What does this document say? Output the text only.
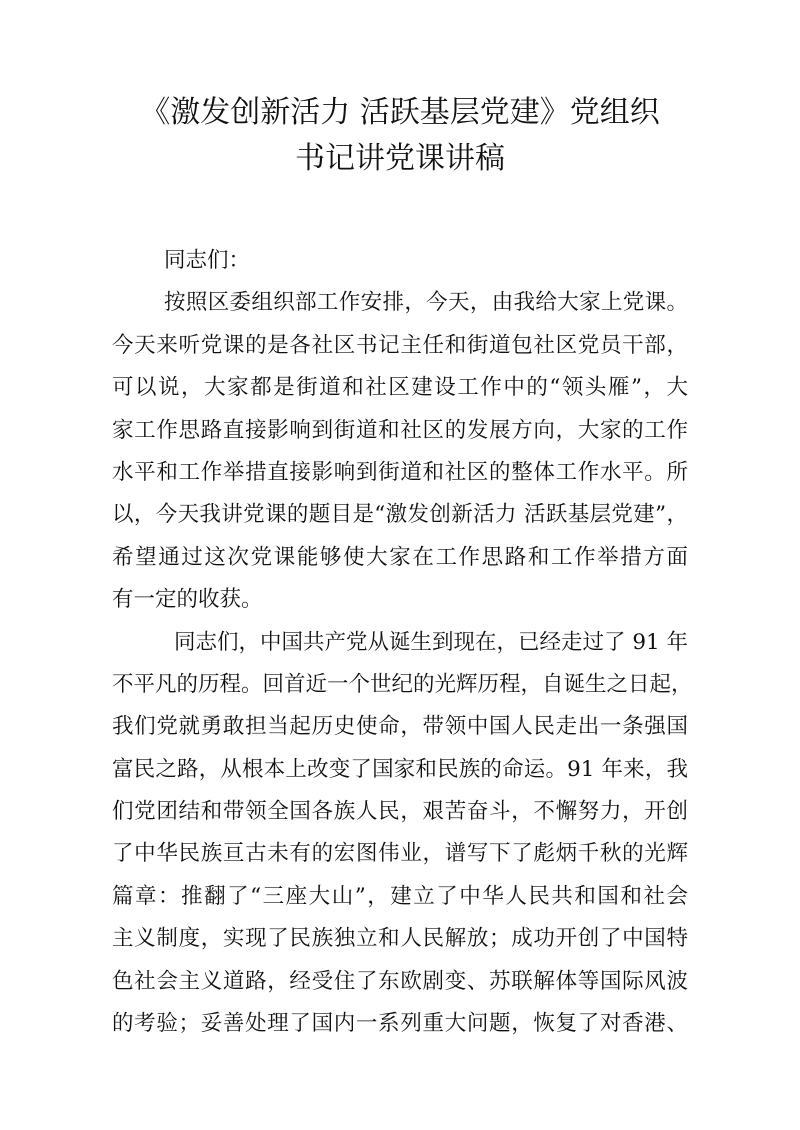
《激发创新活力 活跃基层党建》党组织
书记讲党课讲稿
同志们：
按照区委组织部工作安排，今天，由我给大家上党课。
今天来听党课的是各社区书记主任和街道包社区党员干部，
可以说，大家都是街道和社区建设工作中的“领头雁”，大
家工作思路直接影响到街道和社区的发展方向，大家的工作
水平和工作举措直接影响到街道和社区的整体工作水平。所
以，今天我讲党课的题目是“激发创新活力 活跃基层党建”，
希望通过这次党课能够使大家在工作思路和工作举措方面
有一定的收获。
同志们，中国共产党从诞生到现在，已经走过了 91 年
不平凡的历程。回首近一个世纪的光辉历程，自诞生之日起，
我们党就勇敢担当起历史使命，带领中国人民走出一条强国
富民之路，从根本上改变了国家和民族的命运。91 年来，我
们党团结和带领全国各族人民，艰苦奋斗，不懈努力，开创
了中华民族亘古未有的宏图伟业，谱写下了彪炳千秋的光辉
篇章：推翻了“三座大山”，建立了中华人民共和国和社会
主义制度，实现了民族独立和人民解放；成功开创了中国特
色社会主义道路，经受住了东欧剧变、苏联解体等国际风波
的考验；妥善处理了国内一系列重大问题，恢复了对香港、
